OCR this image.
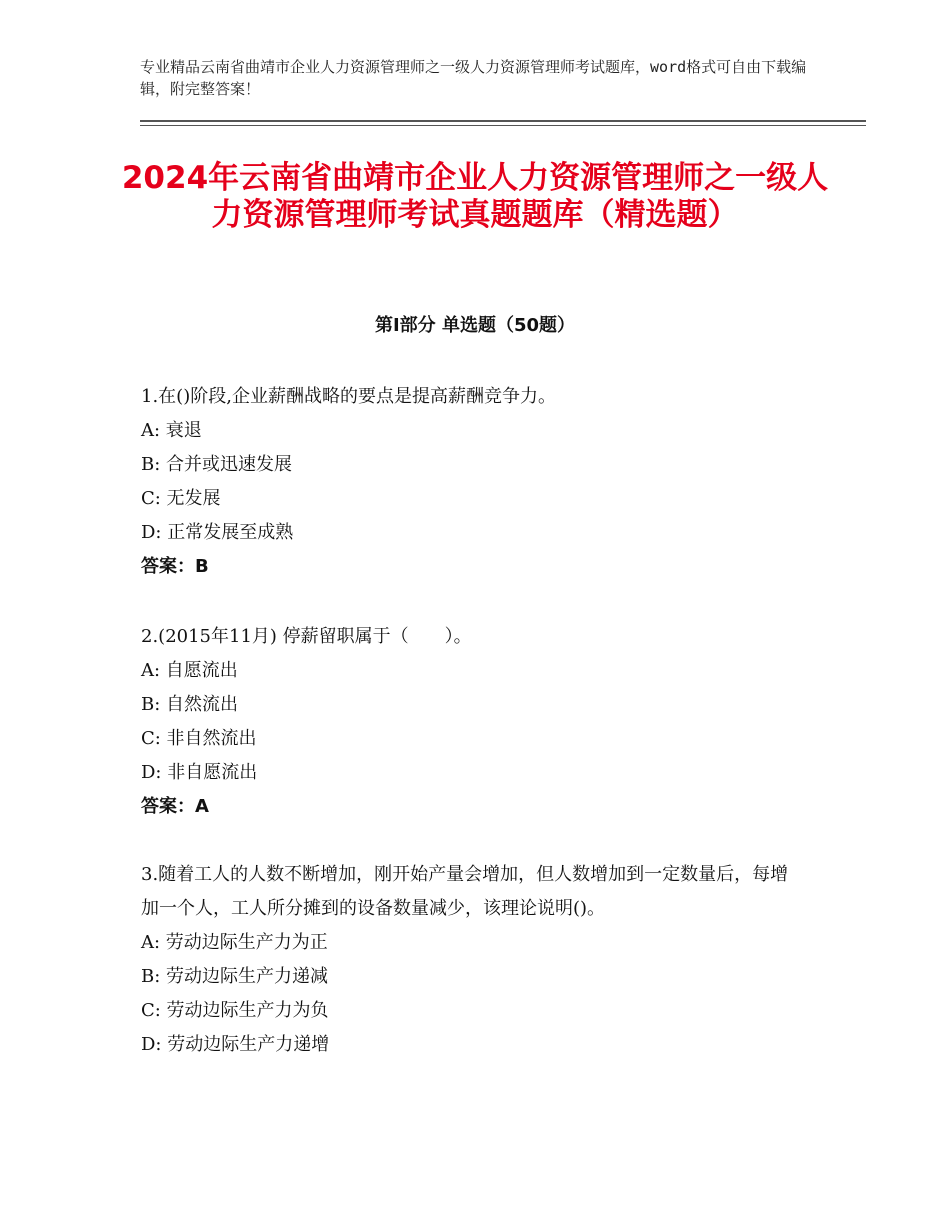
专业精品云南省曲靖市企业人力资源管理师之一级人力资源管理师考试题库，word格式可自由下载编辑，附完整答案！
2024年云南省曲靖市企业人力资源管理师之一级人力资源管理师考试真题题库（精选题）
第Ⅰ部分 单选题（50题）
1.在()阶段,企业薪酬战略的要点是提高薪酬竞争力。
A: 衰退
B: 合并或迅速发展
C: 无发展
D: 正常发展至成熟
答案：B
2.(2015年11月) 停薪留职属于（　　）。
A: 自愿流出
B: 自然流出
C: 非自然流出
D: 非自愿流出
答案：A
3.随着工人的人数不断增加，刚开始产量会增加，但人数增加到一定数量后，每增加一个人，工人所分摊到的设备数量减少，该理论说明()。
A: 劳动边际生产力为正
B: 劳动边际生产力递减
C: 劳动边际生产力为负
D: 劳动边际生产力递增
